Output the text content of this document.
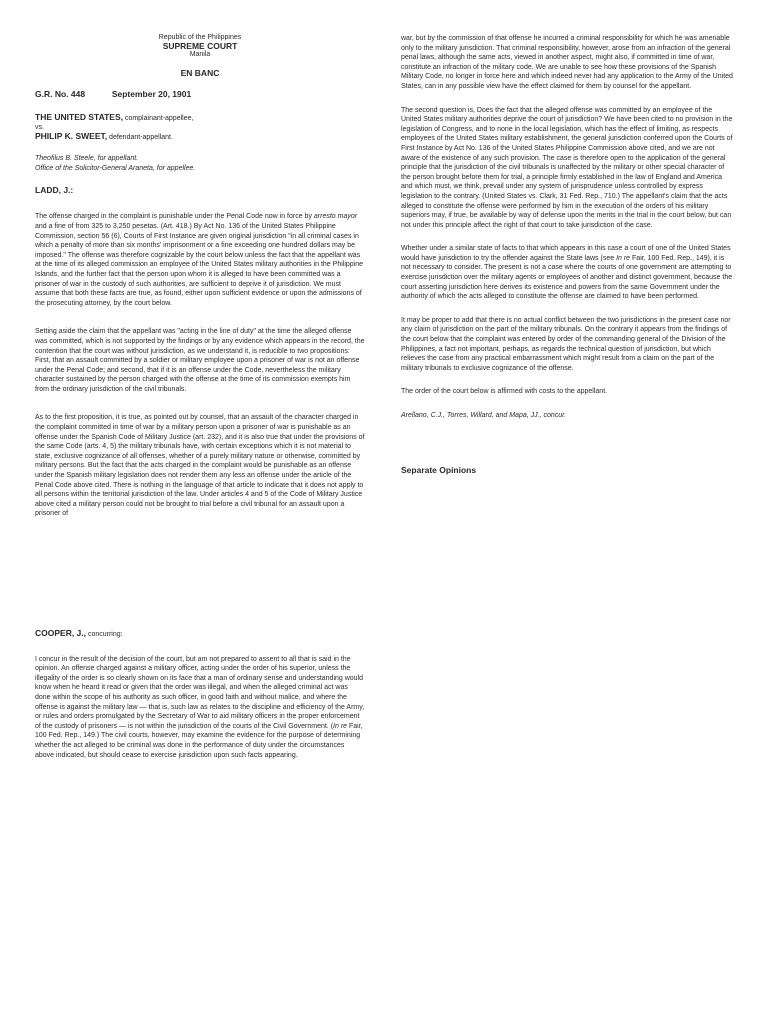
Republic of the Philippines
SUPREME COURT
Manila
EN BANC
G.R. No. 448	September 20, 1901
THE UNITED STATES, complainant-appellee,
vs.
PHILIP K. SWEET, defendant-appellant.
Theofilus B. Steele, for appellant.
Office of the Solicitor-General Araneta, for appellee.
LADD, J.:

The offense charged in the complaint is punishable under the Penal Code now in force by arresto mayor and a fine of from 325 to 3,250 pesetas. (Art. 418.) By Act No. 136 of the United States Philippine Commission, section 56 (6), Courts of First Instance are given original jurisdiction "in all criminal cases in which a penalty of more than six months' imprisonment or a fine exceeding one hundred dollars may be imposed." The offense was therefore cognizable by the court below unless the fact that the appellant was at the time of its alleged commission an employee of the United States military authorities in the Philippine Islands, and the further fact that the person upon whom it is alleged to have been committed was a prisoner of war in the custody of such authorities, are sufficient to deprive it of jurisdiction. We must assume that both these facts are true, as found, either upon sufficient evidence or upon the admissions of the prosecuting attorney, by the court below.

Setting aside the claim that the appellant was "acting in the line of duty" at the time the alleged offense was committed, which is not supported by the findings or by any evidence which appears in the record, the contention that the court was without jurisdiction, as we understand it, is reducible to two propositions: First, that an assault committed by a soldier or military employee upon a prisoner of war is not an offense under the Penal Code; and second, that if it is an offense under the Code, nevertheless the military character sustained by the person charged with the offense at the time of its commission exempts him from the ordinary jurisdiction of the civil tribunals.

As to the first proposition, it is true, as pointed out by counsel, that an assault of the character charged in the complaint committed in time of war by a military person upon a prisoner of war is punishable as an offense under the Spanish Code of Military Justice (art. 232), and it is also true that under the provisions of the same Code (arts. 4, 5) the military tribunals have, with certain exceptions which it is not material to state, exclusive cognizance of all offenses, whether of a purely military nature or otherwise, committed by military persons. But the fact that the acts charged in the complaint would be punishable as an offense under the Spanish military legislation does not render them any less an offense under the article of the Penal Code above cited. There is nothing in the language of that article to indicate that it does not apply to all persons within the territorial jurisdiction of the law. Under articles 4 and 5 of the Code of Military Justice above cited a military person could not be brought to trial before a civil tribunal for an assault upon a prisoner of

COOPER, J., concurring:

I concur in the result of the decision of the court, but am not prepared to assent to all that is said in the opinion. An offense charged against a military officer, acting under the order of his superior, unless the illegality of the order is so clearly shown on its face that a man of ordinary sense and understanding would know when he heard it read or given that the order was illegal, and when the alleged criminal act was done within the scope of his authority as such officer, in good faith and without malice, and where the offense is against the military law — that is, such law as relates to the discipline and efficiency of the Army, or rules and orders promulgated by the Secretary of War to aid military officers in the proper enforcement of the custody of prisoners — is not within the jurisdiction of the courts of the Civil Government. (In re Fair, 100 Fed. Rep., 149.) The civil courts, however, may examine the evidence for the purpose of determining whether the act alleged to be criminal was done in the performance of duty under the circumstances above indicated, but should cease to exercise jurisdiction upon such facts appearing.

war, but by the commission of that offense he incurred a criminal responsibility for which he was amenable only to the military jurisdiction. That criminal responsibility, however, arose from an infraction of the general penal laws, although the same acts, viewed in another aspect, might also, if committed in time of war, constitute an infraction of the military code. We are unable to see how these provisions of the Spanish Military Code, no longer in force here and which indeed never had any application to the Army of the United States, can in any possible view have the effect claimed for them by counsel for the appellant.

The second question is, Does the fact that the alleged offense was committed by an employee of the United States military authorities deprive the court of jurisdiction? We have been cited to no provision in the legislation of Congress, and to none in the local legislation, which has the effect of limiting, as respects employees of the United States military establishment, the general jurisdiction conferred upon the Courts of First Instance by Act No. 136 of the United States Philippine Commission above cited, and we are not aware of the existence of any such provision. The case is therefore open to the application of the general principle that the jurisdiction of the civil tribunals is unaffected by the military or other special character of the person brought before them for trial, a principle firmly established in the law of England and America and which must, we think, prevail under any system of jurisprudence unless controlled by express legislation to the contrary. (United States vs. Clark, 31 Fed. Rep., 710.) The appellant's claim that the acts alleged to constitute the offense were performed by him in the execution of the orders of his military superiors may, if true, be available by way of defense upon the merits in the trial in the court below, but can not under this principle affect the right of that court to take jurisdiction of the case.

Whether under a similar state of facts to that which appears in this case a court of one of the United States would have jurisdiction to try the offender against the State laws (see In re Fair, 100 Fed. Rep., 149), it is not necessary to consider. The present is not a case where the courts of one government are attempting to exercise jurisdiction over the military agents or employees of another and distinct government, because the court asserting jurisdiction here derives its existence and powers from the same Government under the authority of which the acts alleged to constitute the offense are claimed to have been performed.

It may be proper to add that there is no actual conflict between the two jurisdictions in the present case nor any claim of jurisdiction on the part of the military tribunals. On the contrary it appears from the findings of the court below that the complaint was entered by order of the commanding general of the Division of the Philippines, a fact not important, perhaps, as regards the technical question of jurisdiction, but which relieves the case from any practical embarrassment which might result from a claim on the part of the military tribunals to exclusive cognizance of the offense.

The order of the court below is affirmed with costs to the appellant.

Arellano, C.J., Torres, Willard, and Mapa, JJ., concur.

Separate Opinions
